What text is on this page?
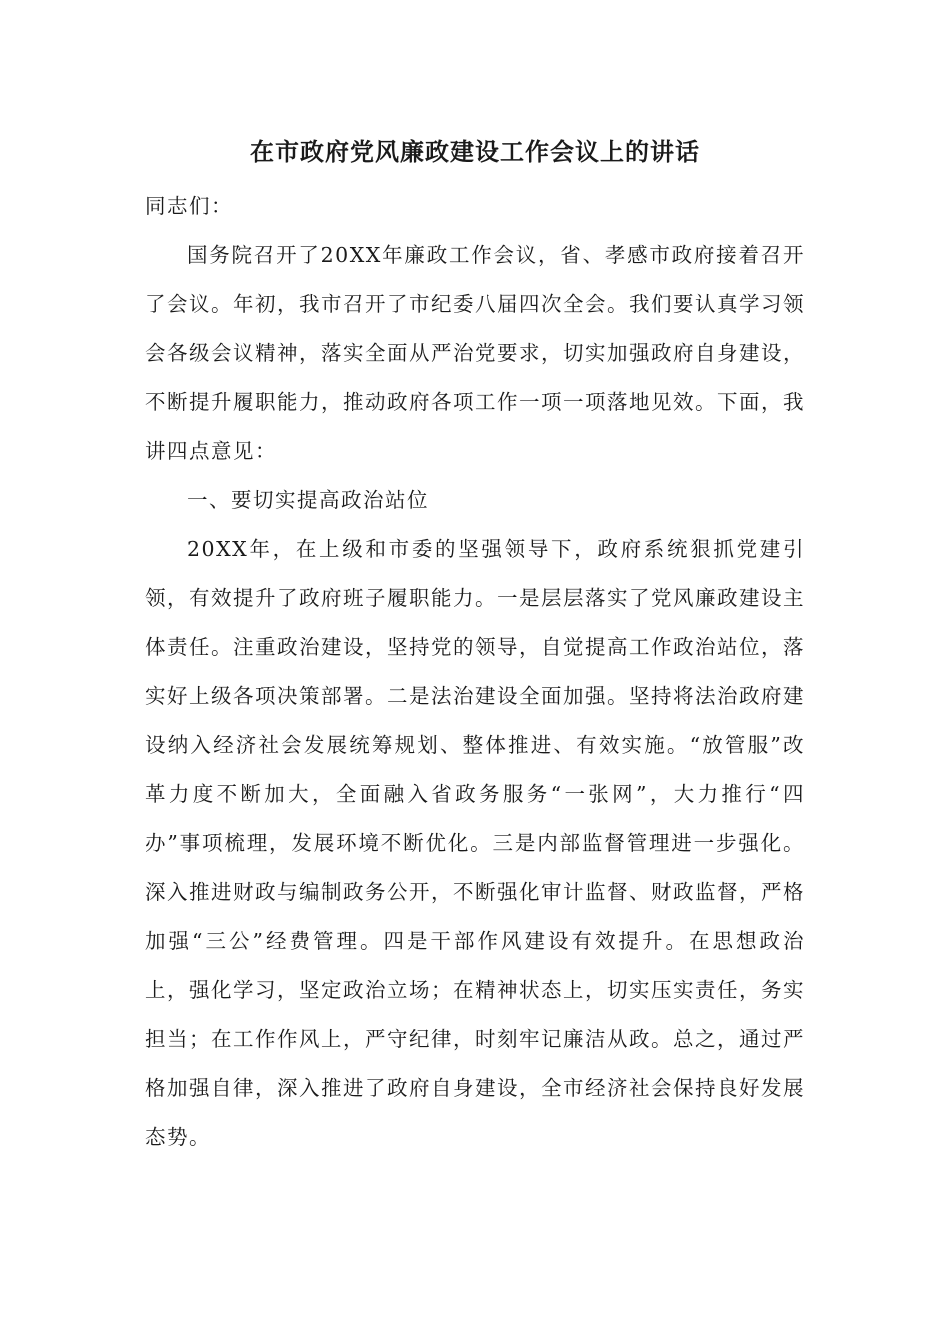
在市政府党风廉政建设工作会议上的讲话

同志们：

国务院召开了20XX年廉政工作会议，省、孝感市政府接着召开了会议。年初，我市召开了市纪委八届四次全会。我们要认真学习领会各级会议精神，落实全面从严治党要求，切实加强政府自身建设，不断提升履职能力，推动政府各项工作一项一项落地见效。下面，我讲四点意见：

一、要切实提高政治站位

20XX年，在上级和市委的坚强领导下，政府系统狠抓党建引领，有效提升了政府班子履职能力。一是层层落实了党风廉政建设主体责任。注重政治建设，坚持党的领导，自觉提高工作政治站位，落实好上级各项决策部署。二是法治建设全面加强。坚持将法治政府建设纳入经济社会发展统筹规划、整体推进、有效实施。“放管服”改革力度不断加大，全面融入省政务服务“一张网”，大力推行“四办”事项梳理，发展环境不断优化。三是内部监督管理进一步强化。深入推进财政与编制政务公开，不断强化审计监督、财政监督，严格加强“三公”经费管理。四是干部作风建设有效提升。在思想政治上，强化学习，坚定政治立场；在精神状态上，切实压实责任，务实担当；在工作作风上，严守纪律，时刻牢记廉洁从政。总之，通过严格加强自律，深入推进了政府自身建设，全市经济社会保持良好发展态势。
